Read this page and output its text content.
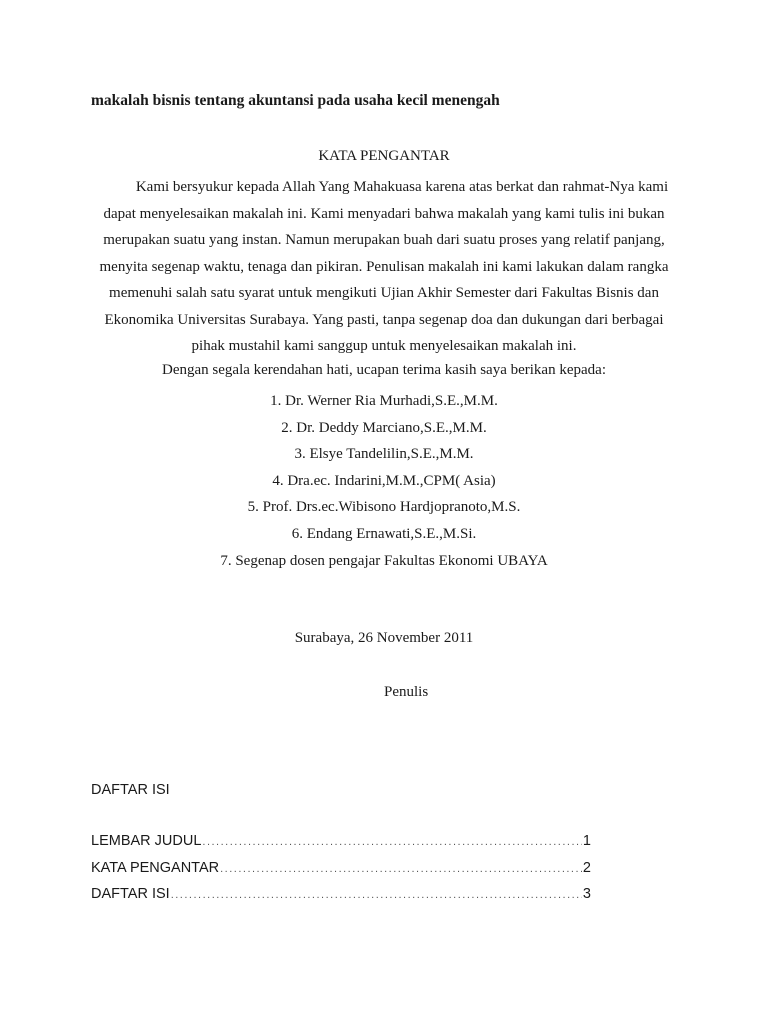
makalah bisnis tentang akuntansi pada usaha kecil menengah
KATA PENGANTAR
Kami bersyukur kepada Allah Yang Mahakuasa karena atas berkat dan rahmat-Nya kami
dapat menyelesaikan makalah ini. Kami menyadari bahwa makalah yang kami tulis ini bukan
merupakan suatu yang instan. Namun merupakan buah dari suatu proses yang relatif panjang,
menyita segenap waktu, tenaga dan pikiran. Penulisan makalah ini kami lakukan dalam rangka
memenuhi salah satu syarat untuk mengikuti Ujian Akhir Semester dari Fakultas Bisnis dan
Ekonomika Universitas Surabaya. Yang pasti, tanpa segenap doa dan dukungan dari berbagai
pihak mustahil kami sanggup untuk menyelesaikan makalah ini.
Dengan segala kerendahan hati, ucapan terima kasih saya berikan kepada:
1. Dr. Werner Ria Murhadi,S.E.,M.M.
2. Dr. Deddy Marciano,S.E.,M.M.
3. Elsye Tandelilin,S.E.,M.M.
4. Dra.ec. Indarini,M.M.,CPM( Asia)
5. Prof. Drs.ec.Wibisono Hardjopranoto,M.S.
6. Endang Ernawati,S.E.,M.Si.
7. Segenap dosen pengajar Fakultas Ekonomi UBAYA
Surabaya, 26 November 2011
Penulis
DAFTAR ISI
LEMBAR JUDUL .....	1
KATA PENGANTAR .....	2
DAFTAR ISI .....	3
